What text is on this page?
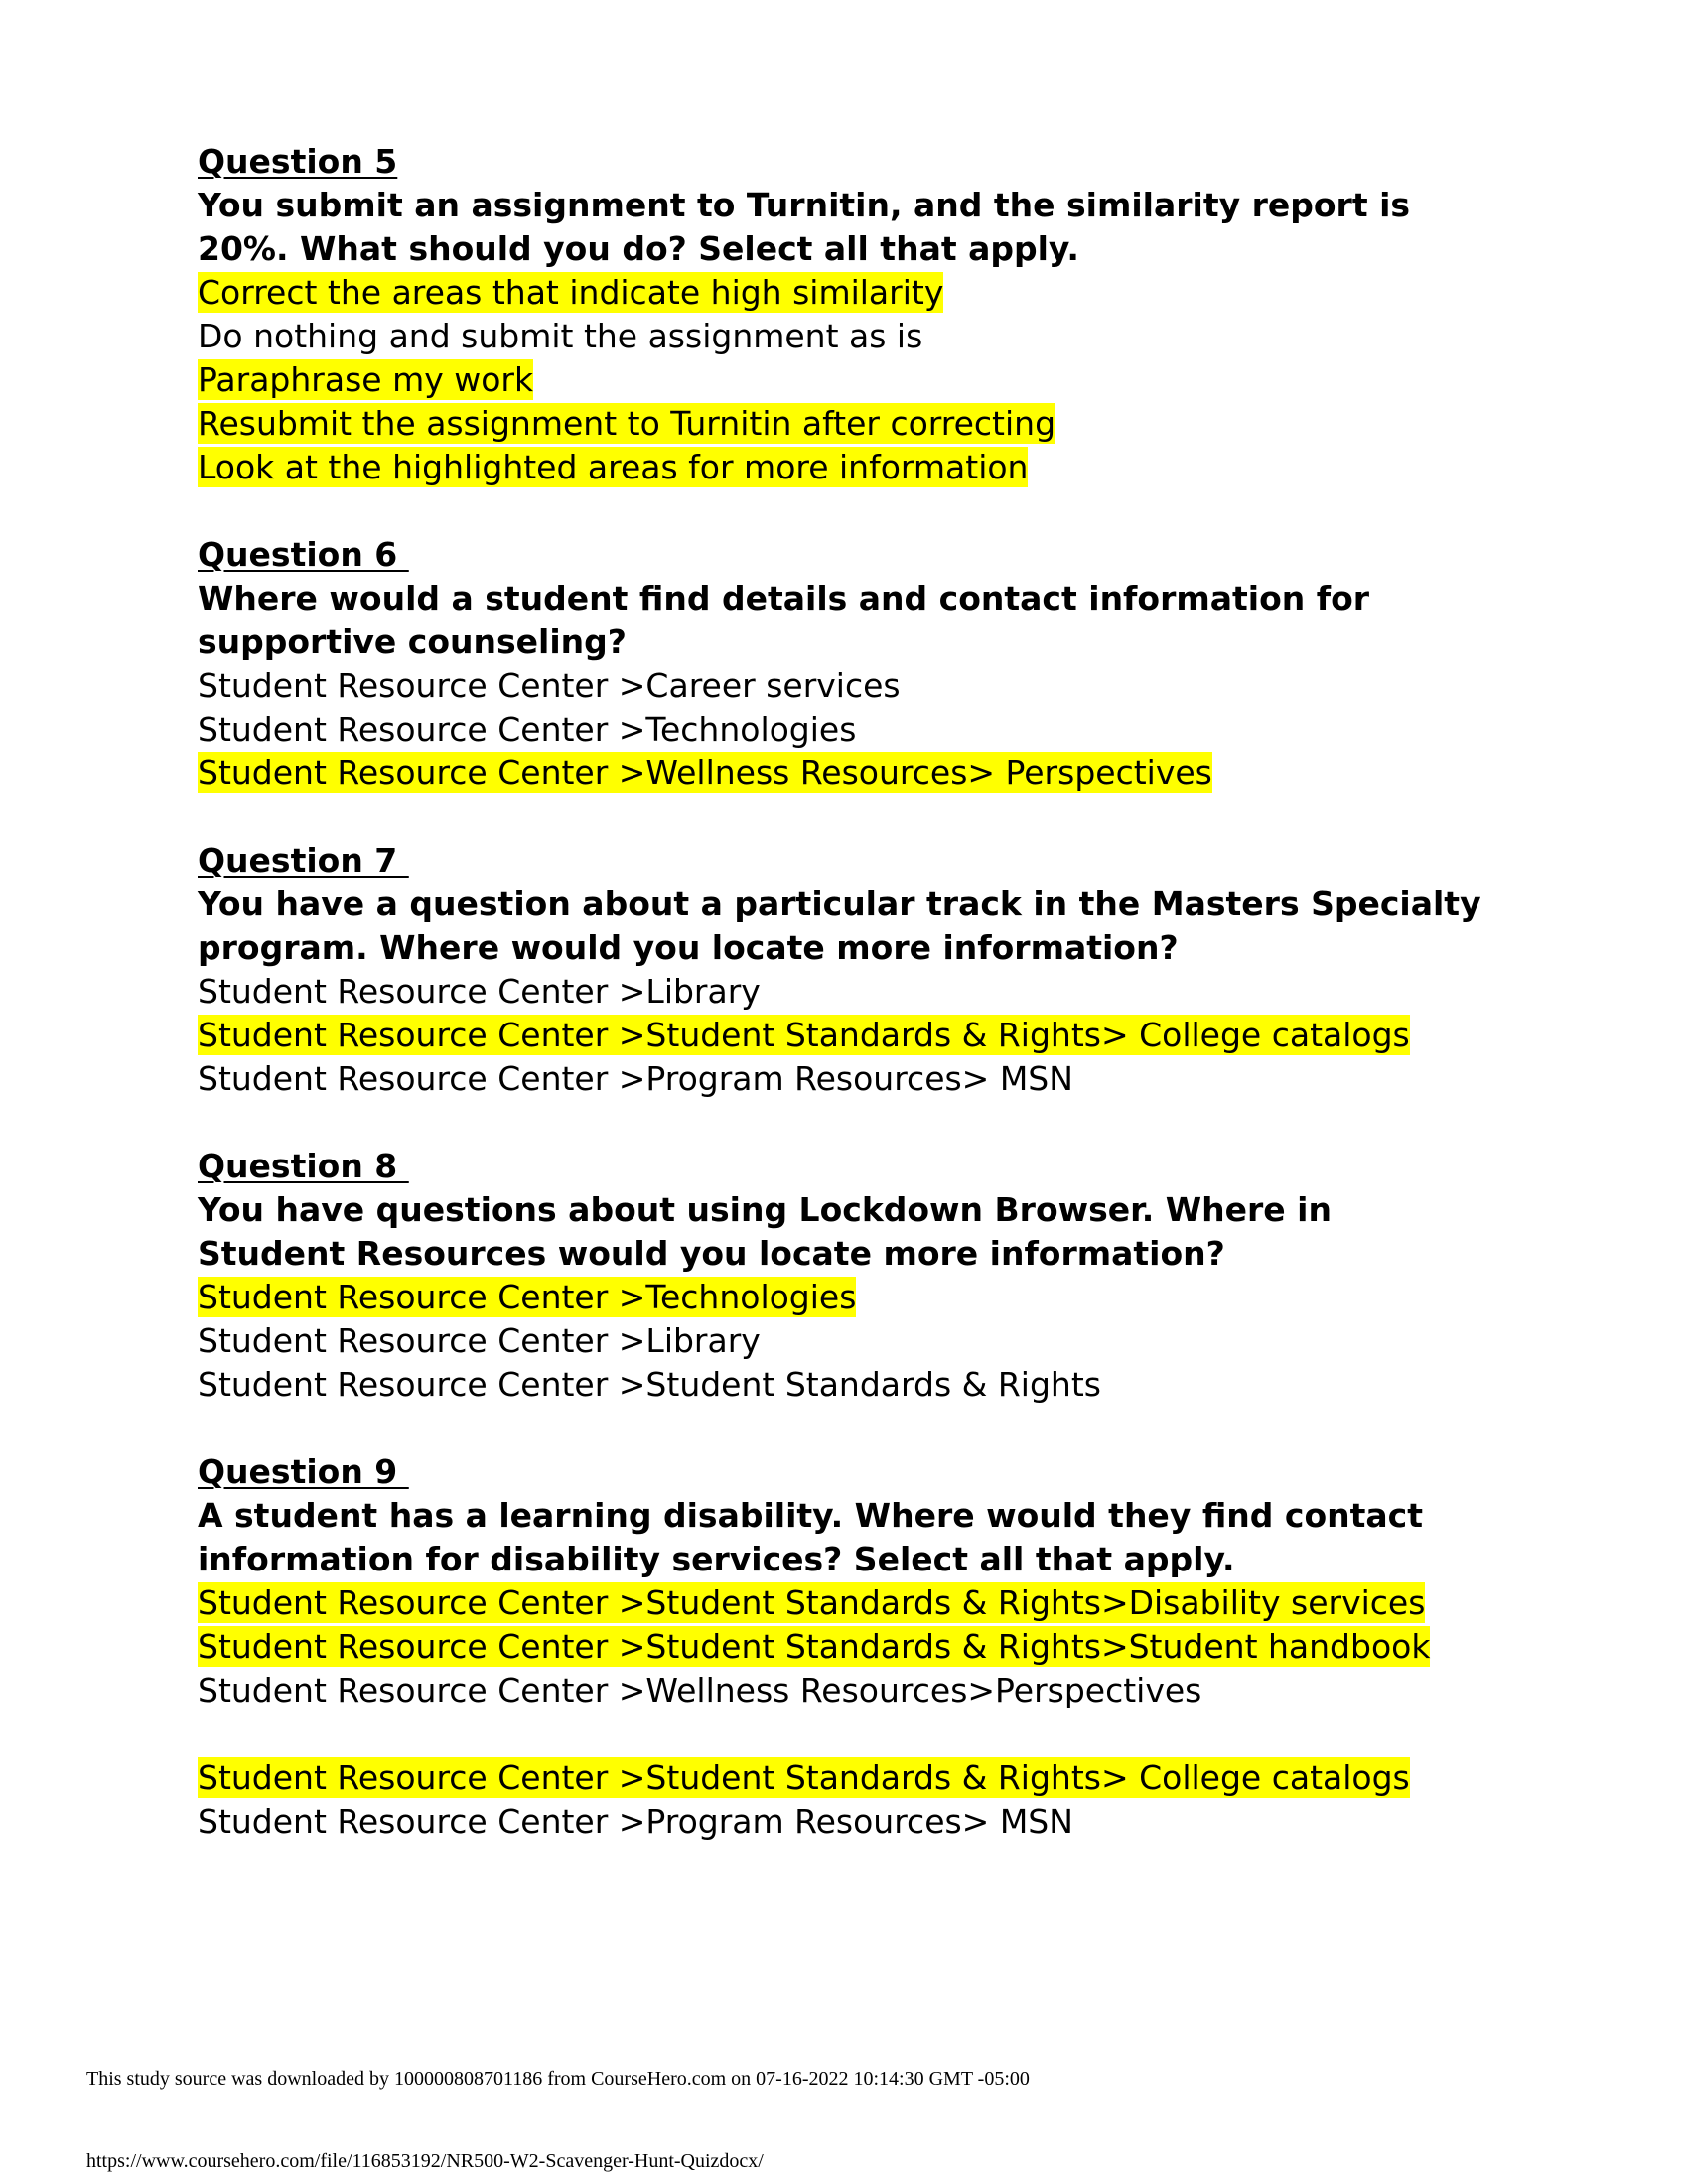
Question 5
You submit an assignment to Turnitin, and the similarity report is 20%. What should you do? Select all that apply.
Correct the areas that indicate high similarity
Do nothing and submit the assignment as is
Paraphrase my work
Resubmit the assignment to Turnitin after correcting
Look at the highlighted areas for more information
Question 6
Where would a student find details and contact information for supportive counseling?
Student Resource Center >Career services
Student Resource Center >Technologies
Student Resource Center >Wellness Resources> Perspectives
Question 7
You have a question about a particular track in the Masters Specialty program. Where would you locate more information?
Student Resource Center >Library
Student Resource Center >Student Standards & Rights> College catalogs
Student Resource Center >Program Resources> MSN
Question 8
You have questions about using Lockdown Browser. Where in Student Resources would you locate more information?
Student Resource Center >Technologies
Student Resource Center >Library
Student Resource Center >Student Standards & Rights
Question 9
A student has a learning disability. Where would they find contact information for disability services? Select all that apply.
Student Resource Center >Student Standards & Rights>Disability services
Student Resource Center >Student Standards & Rights>Student handbook
Student Resource Center >Wellness Resources>Perspectives
Student Resource Center >Student Standards & Rights> College catalogs
Student Resource Center >Program Resources> MSN
This study source was downloaded by 100000808701186 from CourseHero.com on 07-16-2022 10:14:30 GMT -05:00
https://www.coursehero.com/file/116853192/NR500-W2-Scavenger-Hunt-Quizdocx/
